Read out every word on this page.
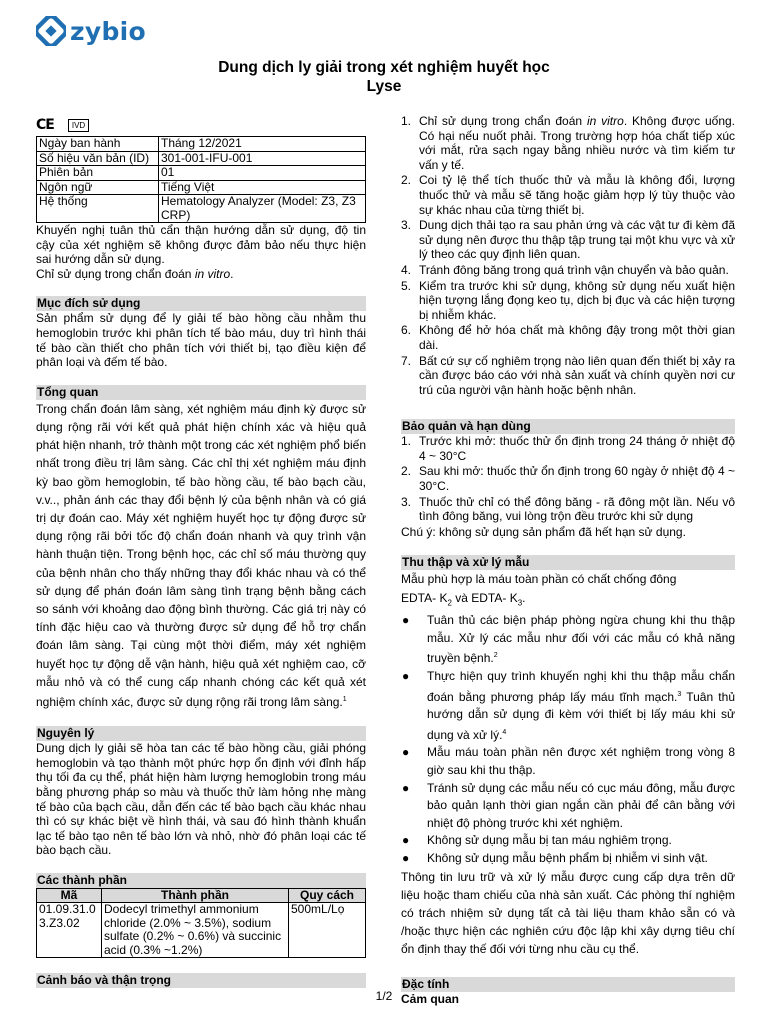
zybio
Dung dịch ly giải trong xét nghiệm huyết học
Lyse
CE	IVD
Ngày ban hành	Tháng 12/2021
Số hiệu văn bản (ID)	301-001-IFU-001
Phiên bản	01
Ngôn ngữ	Tiếng Việt
Hệ thống	Hematology Analyzer (Model: Z3, Z3 CRP)

Khuyến nghị tuân thủ cẩn thận hướng dẫn sử dụng, độ tin cậy của xét nghiệm sẽ không được đảm bảo nếu thực hiện sai hướng dẫn sử dụng.

Chỉ sử dụng trong chẩn đoán in vitro.

Mục đích sử dụng

Sản phẩm sử dụng để ly giải tế bào hồng cầu nhằm thu hemoglobin trước khi phân tích tế bào máu, duy trì hình thái tế bào cần thiết cho phân tích với thiết bị, tạo điều kiện để phân loại và đếm tế bào.

Tổng quan

Trong chẩn đoán lâm sàng, xét nghiệm máu định kỳ được sử dụng rộng rãi với kết quả phát hiện chính xác và hiệu quả phát hiện nhanh, trở thành một trong các xét nghiệm phổ biến nhất trong điều trị lâm sàng. Các chỉ thị xét nghiệm máu định kỳ bao gồm hemoglobin, tế bào hồng cầu, tế bào bạch cầu, v.v.., phản ánh các thay đổi bệnh lý của bệnh nhân và có giá trị dự đoán cao. Máy xét nghiệm huyết học tự động được sử dụng rộng rãi bởi tốc độ chẩn đoán nhanh và quy trình vận hành thuận tiện. Trong bệnh học, các chỉ số máu thường quy của bệnh nhân cho thấy những thay đổi khác nhau và có thể sử dụng để phán đoán lâm sàng tình trạng bệnh bằng cách so sánh với khoảng dao động bình thường. Các giá trị này có tính đặc hiệu cao và thường được sử dụng để hỗ trợ chẩn đoán lâm sàng. Tại cùng một thời điểm, máy xét nghiệm huyết học tự động dễ vận hành, hiệu quả xét nghiệm cao, cỡ mẫu nhỏ và có thể cung cấp nhanh chóng các kết quả xét nghiệm chính xác, được sử dụng rộng rãi trong lâm sàng.$^1$

Nguyên lý

Dung dịch ly giải sẽ hòa tan các tế bào hồng cầu, giải phóng hemoglobin và tạo thành một phức hợp ổn định với đỉnh hấp thụ tối đa cụ thể, phát hiện hàm lượng hemoglobin trong máu bằng phương pháp so màu và thuốc thử làm hỏng nhẹ màng tế bào của bạch cầu, dẫn đến các tế bào bạch cầu khác nhau thì có sự khác biệt về hình thái, và sau đó hình thành khuẩn lạc tế bào tạo nên tế bào lớn và nhỏ, nhờ đó phân loại các tế bào bạch cầu.

Các thành phần
Mã	Thành phần	Quy cách
01.09.31.03.Z3.02	Dodecyl trimethyl ammonium chloride (2.0% ~ 3.5%), sodium sulfate (0.2% ~ 0.6%) và succinic acid (0.3% ~1.2%)	500mL/Lọ
Cảnh báo và thận trọng
1. Chỉ sử dụng trong chẩn đoán in vitro. Không được uống. Có hại nếu nuốt phải. Trong trường hợp hóa chất tiếp xúc với mắt, rửa sạch ngay bằng nhiều nước và tìm kiếm tư vấn y tế.
2. Coi tỷ lệ thể tích thuốc thử và mẫu là không đổi, lượng thuốc thử và mẫu sẽ tăng hoặc giảm hợp lý tùy thuộc vào sự khác nhau của từng thiết bị.
3. Dung dịch thải tạo ra sau phản ứng và các vật tư đi kèm đã sử dụng nên được thu thập tập trung tại một khu vực và xử lý theo các quy định liên quan.
4. Tránh đông băng trong quá trình vận chuyển và bảo quản.
5. Kiểm tra trước khi sử dụng, không sử dụng nếu xuất hiện hiện tượng lắng đọng keo tụ, dịch bị đục và các hiện tượng bị nhiễm khác.
6. Không để hở hóa chất mà không đậy trong một thời gian dài.
7. Bất cứ sự cố nghiêm trọng nào liên quan đến thiết bị xảy ra cần được báo cáo với nhà sản xuất và chính quyền nơi cư trú của người vận hành hoặc bệnh nhân.
Bảo quản và hạn dùng
1. Trước khi mở: thuốc thử ổn định trong 24 tháng ở nhiệt độ 4 ~ 30°C
2. Sau khi mở: thuốc thử ổn định trong 60 ngày ở nhiệt độ 4 ~ 30°C.
3. Thuốc thử chỉ có thể đông băng - rã đông một lần. Nếu vô tình đông băng, vui lòng trộn đều trước khi sử dụng

Chú ý: không sử dụng sản phẩm đã hết hạn sử dụng.

Thu thập và xử lý mẫu

Mẫu phù hợp là máu toàn phần có chất chống đông
EDTA- $K_2$ và EDTA- $K_3$.

●	Tuân thủ các biện pháp phòng ngừa chung khi thu thập mẫu. Xử lý các mẫu như đối với các mẫu có khả năng truyền bệnh.$^2$
●	Thực hiện quy trình khuyến nghị khi thu thập mẫu chẩn đoán bằng phương pháp lấy máu tĩnh mạch.$^3$ Tuân thủ hướng dẫn sử dụng đi kèm với thiết bị lấy máu khi sử dụng và xử lý.$^4$
●	Mẫu máu toàn phần nên được xét nghiệm trong vòng 8 giờ sau khi thu thập.
●	Tránh sử dụng các mẫu nếu có cục máu đông, mẫu được bảo quản lạnh thời gian ngắn cần phải để cân bằng với nhiệt độ phòng trước khi xét nghiệm.
●	Không sử dụng mẫu bị tan máu nghiêm trọng.
●	Không sử dụng mẫu bệnh phẩm bị nhiễm vi sinh vật.

Thông tin lưu trữ và xử lý mẫu được cung cấp dựa trên dữ liệu hoặc tham chiếu của nhà sản xuất. Các phòng thí nghiệm có trách nhiệm sử dụng tất cả tài liệu tham khảo sẵn có và /hoặc thực hiện các nghiên cứu độc lập khi xây dựng tiêu chí ổn định thay thế đối với từng nhu cầu cụ thể.

Đặc tính

Cảm quan

1/2
